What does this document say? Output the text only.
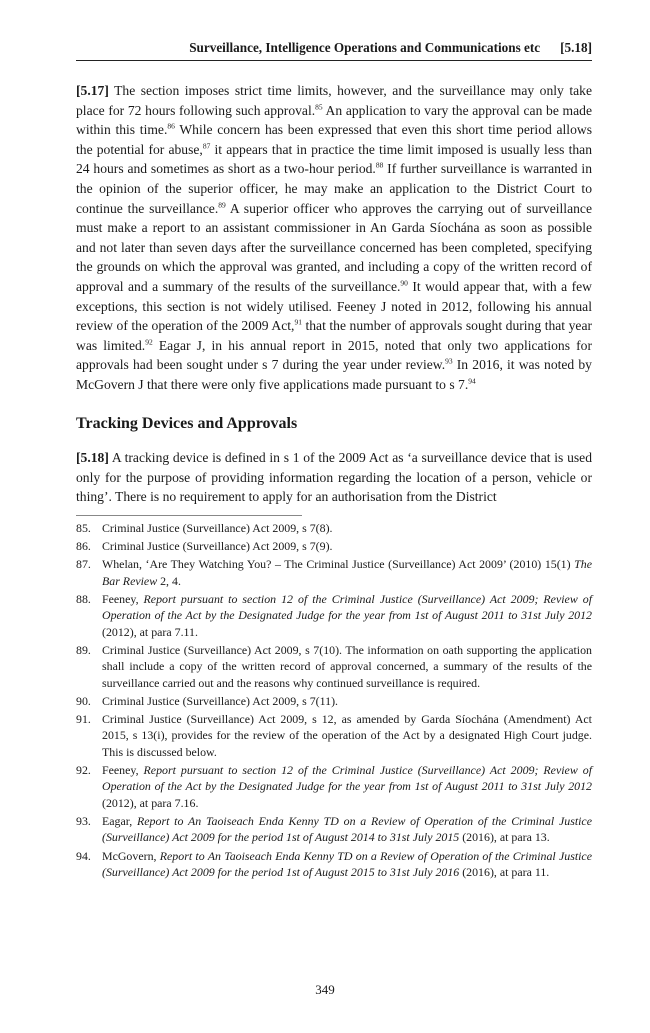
Surveillance, Intelligence Operations and Communications etc	[5.18]

[5.17] The section imposes strict time limits, however, and the surveillance may only take place for 72 hours following such approval.$^{85}$ An application to vary the approval can be made within this time.$^{86}$ While concern has been expressed that even this short time period allows the potential for abuse,$^{87}$ it appears that in practice the time limit imposed is usually less than 24 hours and sometimes as short as a two-hour period.$^{88}$ If further surveillance is warranted in the opinion of the superior officer, he may make an application to the District Court to continue the surveillance.$^{89}$ A superior officer who approves the carrying out of surveillance must make a report to an assistant commissioner in An Garda Síochána as soon as possible and not later than seven days after the surveillance concerned has been completed, specifying the grounds on which the approval was granted, and including a copy of the written record of approval and a summary of the results of the surveillance.$^{90}$ It would appear that, with a few exceptions, this section is not widely utilised. Feeney J noted in 2012, following his annual review of the operation of the 2009 Act,$^{91}$ that the number of approvals sought during that year was limited.$^{92}$ Eagar J, in his annual report in 2015, noted that only two applications for approvals had been sought under s 7 during the year under review.$^{93}$ In 2016, it was noted by McGovern J that there were only five applications made pursuant to s 7.94

Tracking Devices and Approvals

[5.18] A tracking device is defined in s 1 of the 2009 Act as ‘a surveillance device that is used only for the purpose of providing information regarding the location of a person, vehicle or thing’. There is no requirement to apply for an authorisation from the District

85. Criminal Justice (Surveillance) Act 2009, s 7(8).
86. Criminal Justice (Surveillance) Act 2009, s 7(9).
87. Whelan, ‘Are They Watching You? – The Criminal Justice (Surveillance) Act 2009’ (2010) 15(1) The Bar Review 2, 4.
88. Feeney, Report pursuant to section 12 of the Criminal Justice (Surveillance) Act 2009; Review of Operation of the Act by the Designated Judge for the year from 1st of August 2011 to 31st July 2012 (2012), at para 7.11.
89. Criminal Justice (Surveillance) Act 2009, s 7(10). The information on oath supporting the application shall include a copy of the written record of approval concerned, a summary of the results of the surveillance carried out and the reasons why continued surveillance is required.
90. Criminal Justice (Surveillance) Act 2009, s 7(11).
91. Criminal Justice (Surveillance) Act 2009, s 12, as amended by Garda Síochána (Amendment) Act 2015, s 13(i), provides for the review of the operation of the Act by a designated High Court judge. This is discussed below.
92. Feeney, Report pursuant to section 12 of the Criminal Justice (Surveillance) Act 2009; Review of Operation of the Act by the Designated Judge for the year from 1st of August 2011 to 31st July 2012 (2012), at para 7.16.
93. Eagar, Report to An Taoiseach Enda Kenny TD on a Review of Operation of the Criminal Justice (Surveillance) Act 2009 for the period 1st of August 2014 to 31st July 2015 (2016), at para 13.
94. McGovern, Report to An Taoiseach Enda Kenny TD on a Review of Operation of the Criminal Justice (Surveillance) Act 2009 for the period 1st of August 2015 to 31st July 2016 (2016), at para 11.
349
